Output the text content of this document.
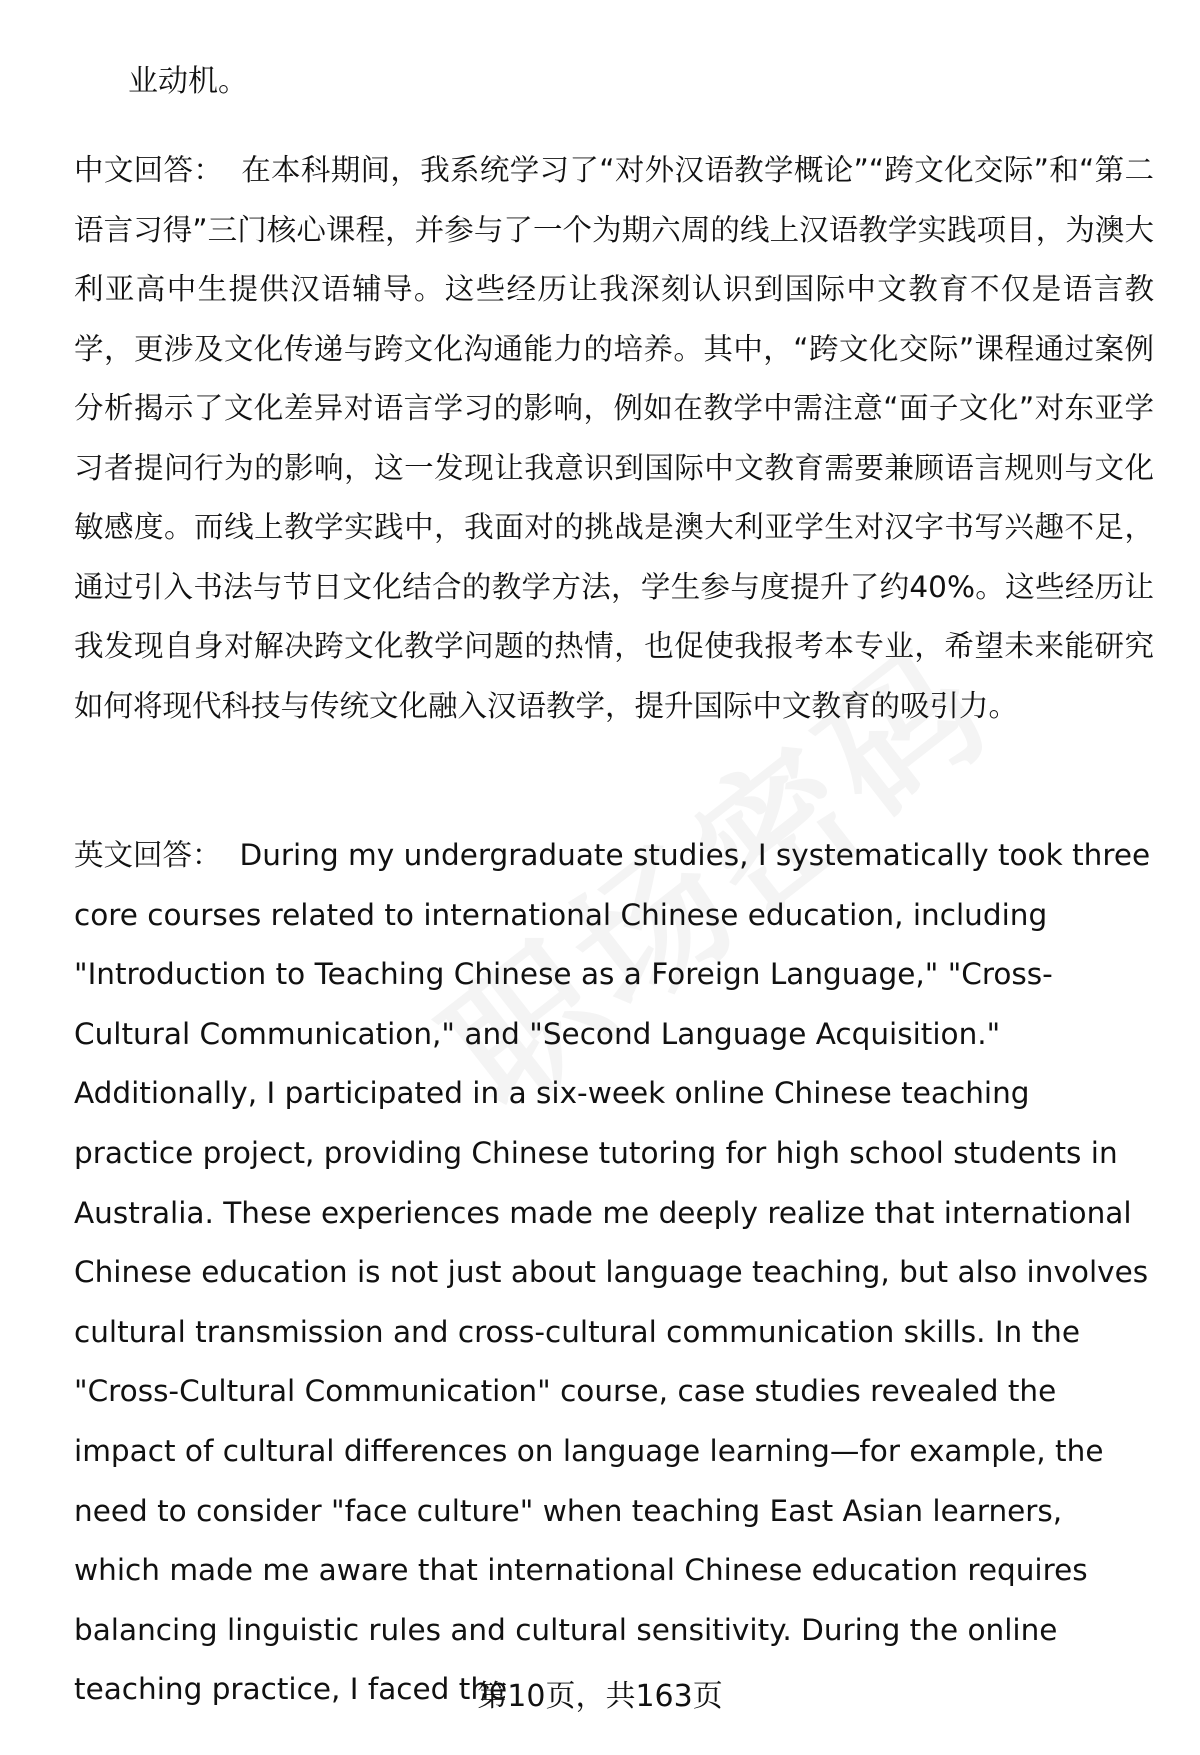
业动机。

中文回答： 在本科期间，我系统学习了“对外汉语教学概论”“跨文化交际”和“第二语言习得”三门核心课程，并参与了一个为期六周的线上汉语教学实践项目，为澳大利亚高中生提供汉语辅导。这些经历让我深刻认识到国际中文教育不仅是语言教学，更涉及文化传递与跨文化沟通能力的培养。其中，“跨文化交际”课程通过案例分析揭示了文化差异对语言学习的影响，例如在教学中需注意“面子文化”对东亚学习者提问行为的影响，这一发现让我意识到国际中文教育需要兼顾语言规则与文化敏感度。而线上教学实践中，我面对的挑战是澳大利亚学生对汉字书写兴趣不足，通过引入书法与节日文化结合的教学方法，学生参与度提升了约40%。这些经历让我发现自身对解决跨文化教学问题的热情，也促使我报考本专业，希望未来能研究如何将现代科技与传统文化融入汉语教学，提升国际中文教育的吸引力。

英文回答： During my undergraduate studies, I systematically took three core courses related to international Chinese education, including "Introduction to Teaching Chinese as a Foreign Language," "Cross-Cultural Communication," and "Second Language Acquisition." Additionally, I participated in a six-week online Chinese teaching practice project, providing Chinese tutoring for high school students in Australia. These experiences made me deeply realize that international Chinese education is not just about language teaching, but also involves cultural transmission and cross-cultural communication skills. In the "Cross-Cultural Communication" course, case studies revealed the impact of cultural differences on language learning—for example, the need to consider "face culture" when teaching East Asian learners, which made me aware that international Chinese education requires balancing linguistic rules and cultural sensitivity. During the online teaching practice, I faced the

第10页，共163页
